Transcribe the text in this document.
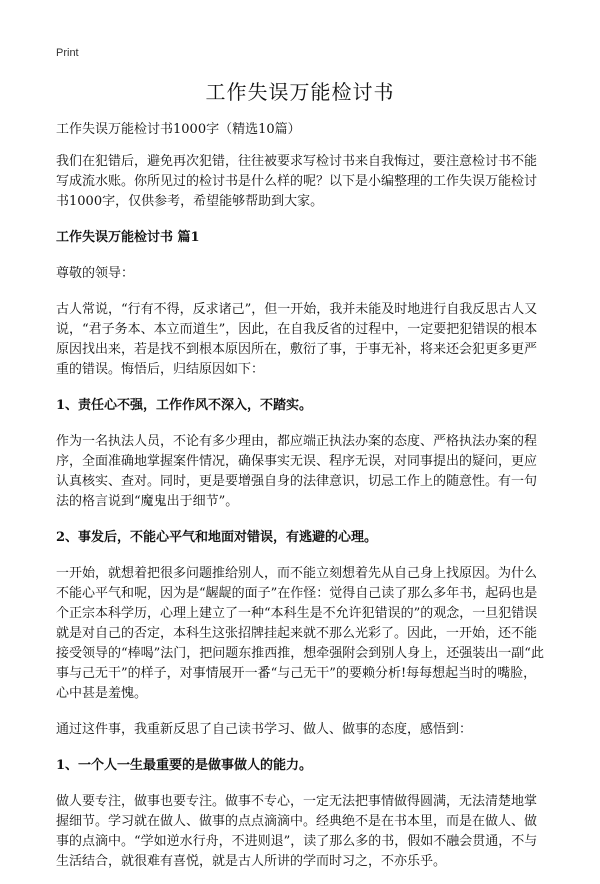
Print
工作失误万能检讨书

工作失误万能检讨书1000字（精选10篇）

我们在犯错后，避免再次犯错，往往被要求写检讨书来自我悔过，要注意检讨书不能写成流水账。你所见过的检讨书是什么样的呢？以下是小编整理的工作失误万能检讨书1000字，仅供参考，希望能够帮助到大家。

工作失误万能检讨书 篇1

尊敬的领导：

古人常说，“行有不得，反求诸己”，但一开始，我并未能及时地进行自我反思古人又说，“君子务本、本立而道生”，因此，在自我反省的过程中，一定要把犯错误的根本原因找出来，若是找不到根本原因所在，敷衍了事，于事无补，将来还会犯更多更严重的错误。悔悟后，归结原因如下：

1、责任心不强，工作作风不深入，不踏实。

作为一名执法人员，不论有多少理由，都应端正执法办案的态度、严格执法办案的程序，全面准确地掌握案件情况，确保事实无误、程序无误，对同事提出的疑问，更应认真核实、查对。同时，更是要增强自身的法律意识，切忌工作上的随意性。有一句法的格言说到“魔鬼出于细节”。

2、事发后，不能心平气和地面对错误，有逃避的心理。

一开始，就想着把很多问题推给别人，而不能立刻想着先从自己身上找原因。为什么不能心平气和呢，因为是“龌龊的面子”在作怪：觉得自己读了那么多年书，起码也是个正宗本科学历，心理上建立了一种“本科生是不允许犯错误的”的观念，一旦犯错误就是对自己的否定，本科生这张招牌挂起来就不那么光彩了。因此，一开始，还不能接受领导的“棒喝”法门，把问题东推西推，想牵强附会到别人身上，还强装出一副“此事与己无干”的样子，对事情展开一番“与己无干”的要赖分析!每每想起当时的嘴脸，心中甚是羞愧。

通过这件事，我重新反思了自己读书学习、做人、做事的态度，感悟到：

1、一个人一生最重要的是做事做人的能力。

做人要专注，做事也要专注。做事不专心，一定无法把事情做得圆满，无法清楚地掌握细节。学习就在做人、做事的点点滴滴中。经典绝不是在书本里，而是在做人、做事的点滴中。“学如逆水行舟，不进则退”，读了那么多的书，假如不融会贯通，不与生活结合，就很难有喜悦，就是古人所讲的学而时习之，不亦乐乎。
